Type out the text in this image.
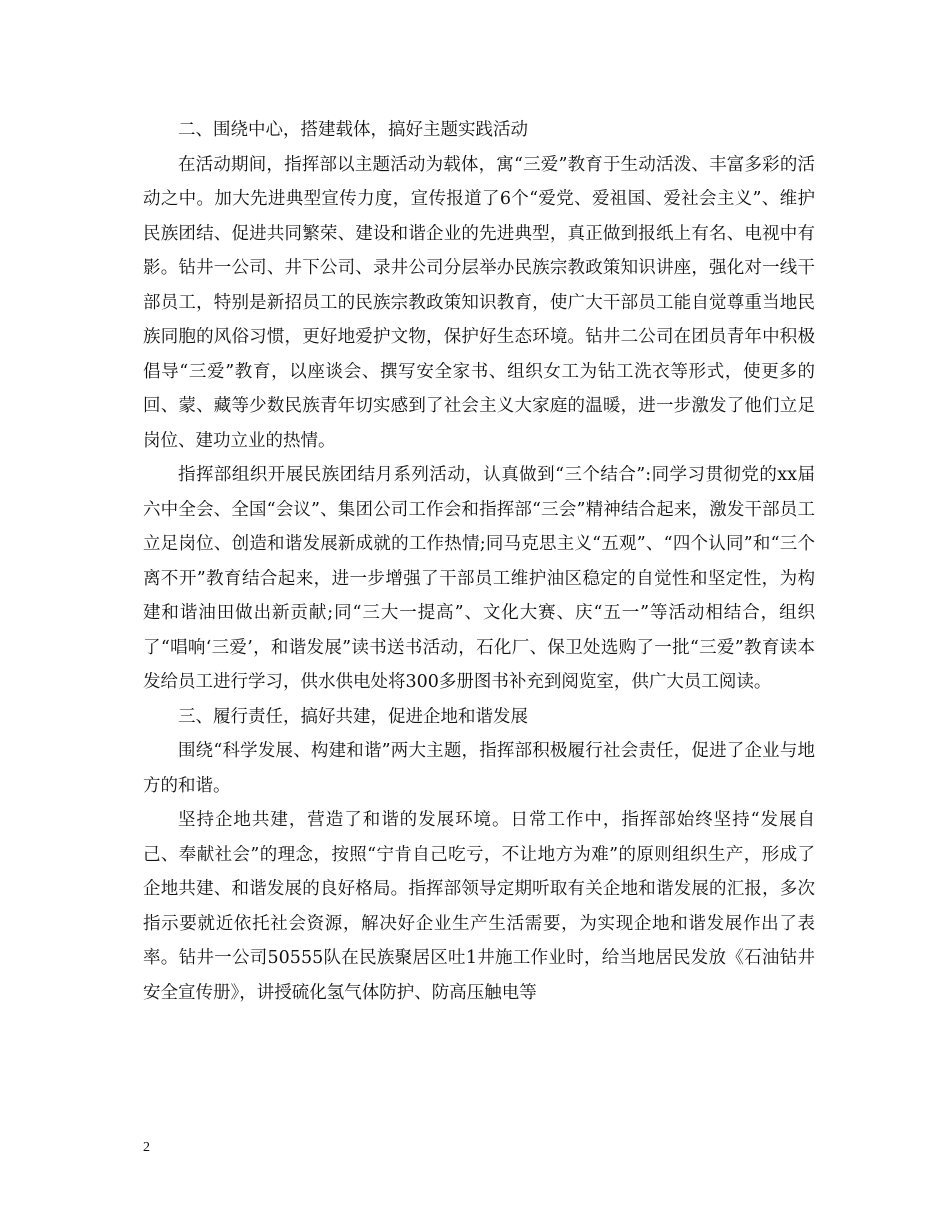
二、围绕中心，搭建载体，搞好主题实践活动

在活动期间，指挥部以主题活动为载体，寓“三爱”教育于生动活泼、丰富多彩的活动之中。加大先进典型宣传力度，宣传报道了6个“爱党、爱祖国、爱社会主义”、维护民族团结、促进共同繁荣、建设和谐企业的先进典型，真正做到报纸上有名、电视中有影。钻井一公司、井下公司、录井公司分层举办民族宗教政策知识讲座，强化对一线干部员工，特别是新招员工的民族宗教政策知识教育，使广大干部员工能自觉尊重当地民族同胞的风俗习惯，更好地爱护文物，保护好生态环境。钻井二公司在团员青年中积极倡导“三爱”教育，以座谈会、撰写安全家书、组织女工为钻工洗衣等形式，使更多的回、蒙、藏等少数民族青年切实感到了社会主义大家庭的温暖，进一步激发了他们立足岗位、建功立业的热情。

指挥部组织开展民族团结月系列活动，认真做到“三个结合”:同学习贯彻党的xx届六中全会、全国“会议”、集团公司工作会和指挥部“三会”精神结合起来，激发干部员工立足岗位、创造和谐发展新成就的工作热情;同马克思主义“五观”、“四个认同”和“三个离不开”教育结合起来，进一步增强了干部员工维护油区稳定的自觉性和坚定性，为构建和谐油田做出新贡献;同“三大一提高”、文化大赛、庆“五一”等活动相结合，组织了“唱响‘三爱’，和谐发展”读书送书活动，石化厂、保卫处选购了一批“三爱”教育读本发给员工进行学习，供水供电处将300多册图书补充到阅览室，供广大员工阅读。

三、履行责任，搞好共建，促进企地和谐发展

围绕“科学发展、构建和谐”两大主题，指挥部积极履行社会责任，促进了企业与地方的和谐。

坚持企地共建，营造了和谐的发展环境。日常工作中，指挥部始终坚持“发展自己、奉献社会”的理念，按照“宁肯自己吃亏，不让地方为难”的原则组织生产，形成了企地共建、和谐发展的良好格局。指挥部领导定期听取有关企地和谐发展的汇报，多次指示要就近依托社会资源，解决好企业生产生活需要，为实现企地和谐发展作出了表率。钻井一公司50555队在民族聚居区吐1井施工作业时，给当地居民发放《石油钻井安全宣传册》，讲授硫化氢气体防护、防高压触电等

2
